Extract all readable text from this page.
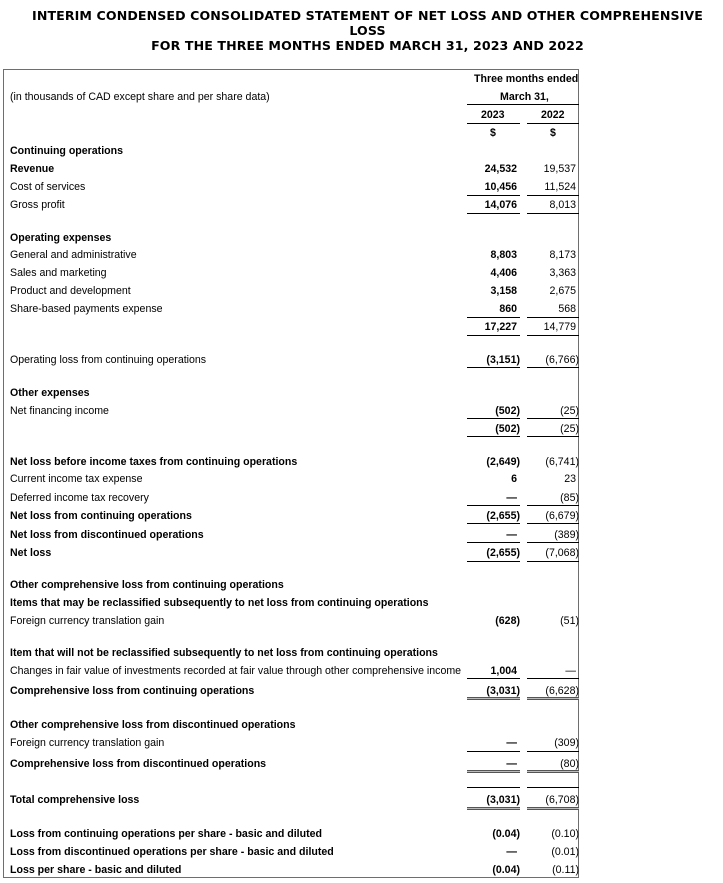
INTERIM CONDENSED CONSOLIDATED STATEMENT OF NET LOSS AND OTHER COMPREHENSIVE
LOSS
FOR THE THREE MONTHS ENDED MARCH 31, 2023 AND 2022
Three months ended
March 31,
(in thousands of CAD except share and per share data)
2023	2022
$	$
Continuing operations
Revenue	24,532	19,537
Cost of services	10,456	11,524
Gross profit	14,076	8,013
Operating expenses
General and administrative	8,803	8,173
Sales and marketing	4,406	3,363
Product and development	3,158	2,675
Share-based payments expense	860	568
17,227	14,779
Operating loss from continuing operations	(3,151)	(6,766)
Other expenses
Net financing income	(502)	(25)
(502)	(25)
Net loss before income taxes from continuing operations	(2,649)	(6,741)
Current income tax expense	6	23
Deferred income tax recovery	—	(85)
Net loss from continuing operations	(2,655)	(6,679)
Net loss from discontinued operations	—	(389)
Net loss	(2,655)	(7,068)
Other comprehensive loss from continuing operations
Items that may be reclassified subsequently to net loss from continuing operations
Foreign currency translation gain	(628)	(51)
Item that will not be reclassified subsequently to net loss from continuing operations
Changes in fair value of investments recorded at fair value through other comprehensive income	1,004	—
Comprehensive loss from continuing operations	(3,031)	(6,628)
Other comprehensive loss from discontinued operations
Foreign currency translation gain	—	(309)
Comprehensive loss from discontinued operations	—	(80)
Total comprehensive loss	(3,031)	(6,708)
Loss from continuing operations per share - basic and diluted	(0.04)	(0.10)
Loss from discontinued operations per share - basic and diluted	—	(0.01)
Loss per share - basic and diluted	(0.04)	(0.11)
